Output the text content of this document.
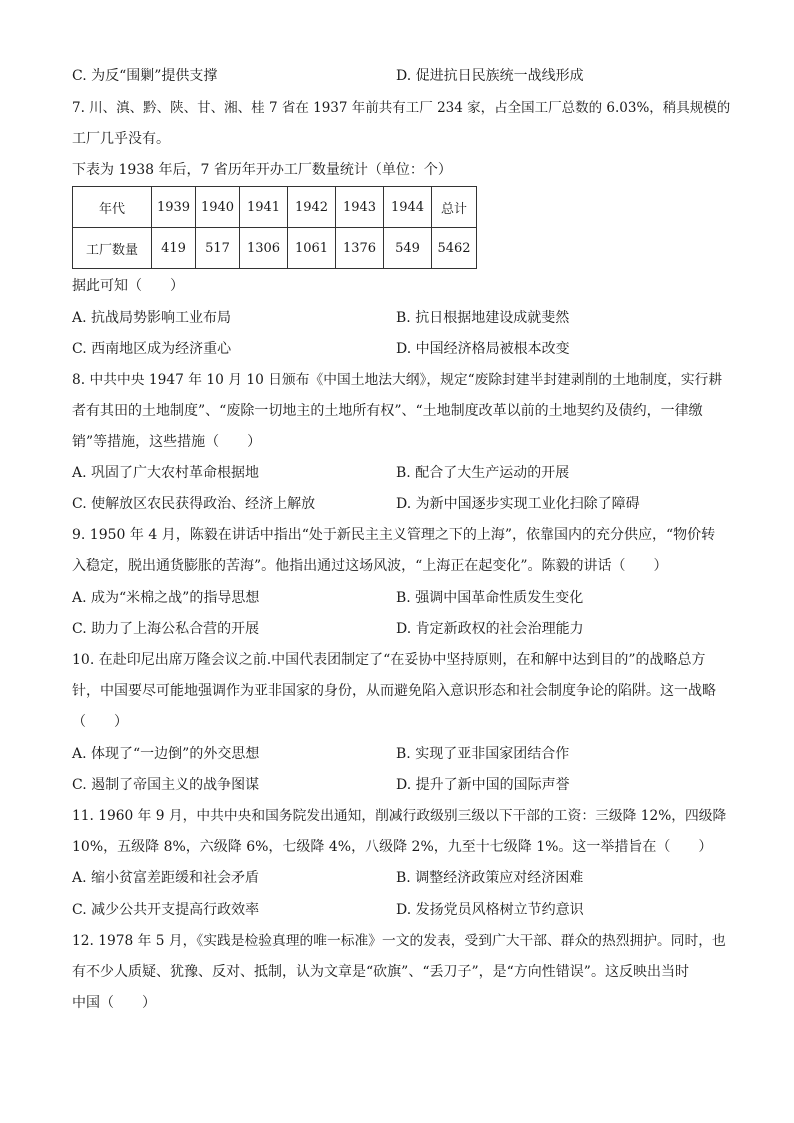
C. 为反“围剿”提供支撑	D. 促进抗日民族统一战线形成
7. 川、滇、黔、陕、甘、湘、桂 7 省在 1937 年前共有工厂 234 家，占全国工厂总数的 6.03%，稍具规模的
工厂几乎没有。
下表为 1938 年后，7 省历年开办工厂数量统计（单位：个）
年代	1939	1940	1941	1942	1943	1944	总计
工厂数量	419	517	1306	1061	1376	549	5462
据此可知（　　）
A. 抗战局势影响工业布局	B. 抗日根据地建设成就斐然
C. 西南地区成为经济重心	D. 中国经济格局被根本改变
8. 中共中央 1947 年 10 月 10 日颁布《中国土地法大纲》，规定“废除封建半封建剥削的土地制度，实行耕
者有其田的土地制度”、“废除一切地主的土地所有权”、“土地制度改革以前的土地契约及债约，一律缴
销”等措施，这些措施（　　）
A. 巩固了广大农村革命根据地	B. 配合了大生产运动的开展
C. 使解放区农民获得政治、经济上解放	D. 为新中国逐步实现工业化扫除了障碍
9. 1950 年 4 月，陈毅在讲话中指出“处于新民主主义管理之下的上海”，依靠国内的充分供应，“物价转
入稳定，脱出通货膨胀的苦海”。他指出通过这场风波，“上海正在起变化”。陈毅的讲话（　　）
A. 成为“米棉之战”的指导思想	B. 强调中国革命性质发生变化
C. 助力了上海公私合营的开展	D. 肯定新政权的社会治理能力
10. 在赴印尼出席万隆会议之前.中国代表团制定了“在妥协中坚持原则，在和解中达到目的”的战略总方
针，中国要尽可能地强调作为亚非国家的身份，从而避免陷入意识形态和社会制度争论的陷阱。这一战略
（　　）
A. 体现了“一边倒”的外交思想	B. 实现了亚非国家团结合作
C. 遏制了帝国主义的战争图谋	D. 提升了新中国的国际声誉
11. 1960 年 9 月，中共中央和国务院发出通知，削减行政级别三级以下干部的工资：三级降 12%，四级降
10%，五级降 8%，六级降 6%，七级降 4%，八级降 2%，九至十七级降 1%。这一举措旨在（　　）
A. 缩小贫富差距缓和社会矛盾	B. 调整经济政策应对经济困难
C. 减少公共开支提高行政效率	D. 发扬党员风格树立节约意识
12. 1978 年 5 月，《实践是检验真理的唯一标准》一文的发表，受到广大干部、群众的热烈拥护。同时，也
有不少人质疑、犹豫、反对、抵制，认为文章是“砍旗”、“丢刀子”，是“方向性错误”。这反映出当时
中国（　　）
